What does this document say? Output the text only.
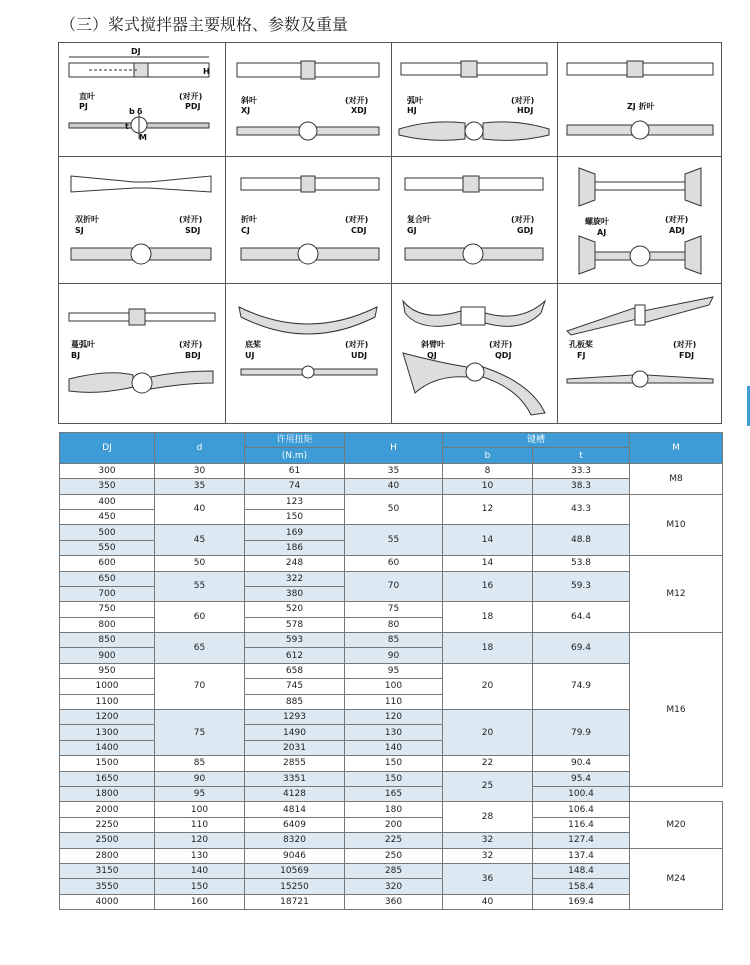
（三）桨式搅拌器主要规格、参数及重量
DJ
H
直叶
PJ
(对开)
PDJ
b δ
t
M
斜叶
XJ
(对开)
XDJ
弧叶
HJ
(对开)
HDJ	ZJ 折叶
双折叶
SJ
(对开)
SDJ
折叶
CJ
(对开)
CDJ
复合叶
GJ
(对开)
GDJ
螺旋叶
AJ
(对开)
ADJ
蔓弧叶
BJ
(对开)
BDJ
底桨
UJ
(对开)
UDJ
斜臂叶
QJ
(对开)
QDJ
孔板桨
FJ
(对开)
FDJ
DJ	d	许用扭矩	H	键槽		M
		(N.m)		b	t	
300	30	61	35	8	33.3	M8
350	35	74	40	10	38.3	
400	40	123	50	12	43.3	M10
450		150				
500	45	169	55	14	48.8	
550		186				
600	50	248	60	14	53.8	M12
650	55	322	70	16	59.3	
700		380				
750	60	520	75	18	64.4	
800		578	80			
850	65	593	85	18	69.4	M16
900		612	90			
950	70	658	95	20	74.9	
1000		745	100			
1100		885	110			
1200	75	1293	120	20	79.9	
1300		1490	130			
1400		2031	140			
1500	85	2855	150	22	90.4	
1650	90	3351	150	25	95.4	
1800	95	4128	165		100.4	
2000	100	4814	180	28	106.4	M20
2250	110	6409	200		116.4	
2500	120	8320	225	32	127.4	
2800	130	9046	250	32	137.4	M24
3150	140	10569	285	36	148.4	
3550	150	15250	320		158.4	
4000	160	18721	360	40	169.4	
